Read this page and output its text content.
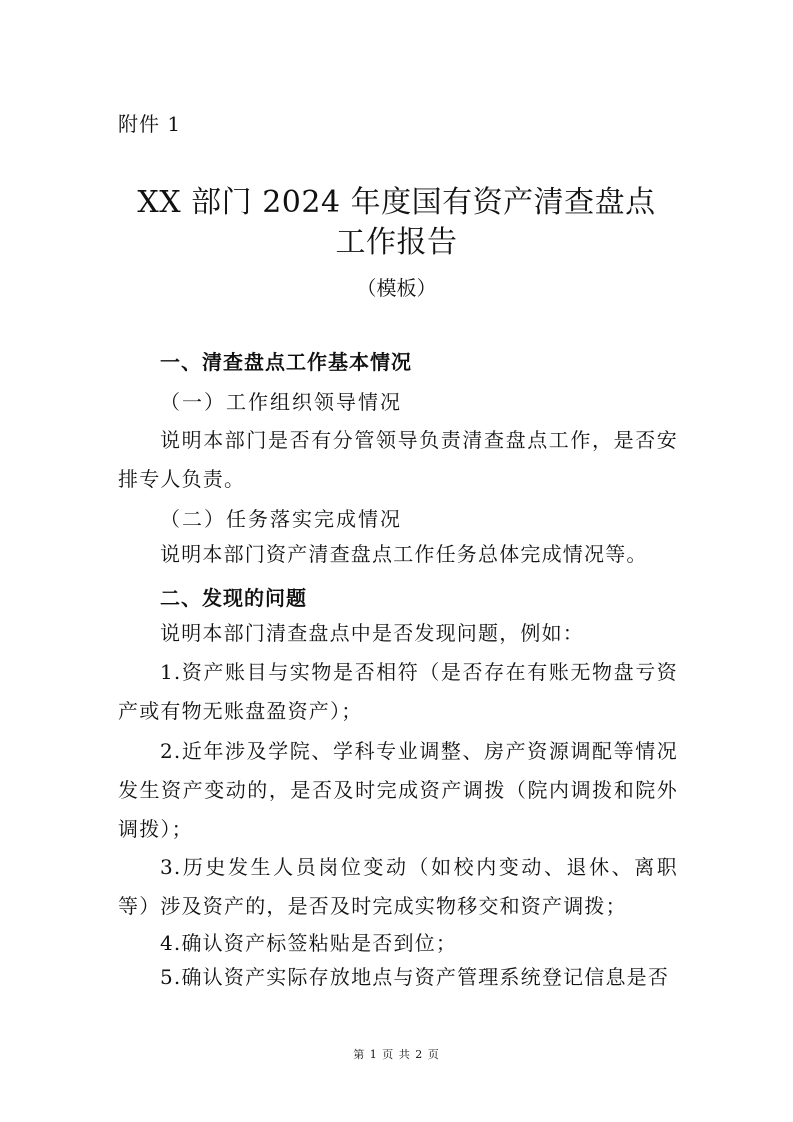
附件 1
XX 部门 2024 年度国有资产清查盘点
工作报告
（模板）
一、清查盘点工作基本情况
（一）工作组织领导情况
说明本部门是否有分管领导负责清查盘点工作，是否安排专人负责。
（二）任务落实完成情况
说明本部门资产清查盘点工作任务总体完成情况等。
二、发现的问题
说明本部门清查盘点中是否发现问题，例如：
1.资产账目与实物是否相符（是否存在有账无物盘亏资产或有物无账盘盈资产）；
2.近年涉及学院、学科专业调整、房产资源调配等情况发生资产变动的，是否及时完成资产调拨（院内调拨和院外调拨）；
3.历史发生人员岗位变动（如校内变动、退休、离职等）涉及资产的，是否及时完成实物移交和资产调拨；
4.确认资产标签粘贴是否到位；
5.确认资产实际存放地点与资产管理系统登记信息是否
第 1 页 共 2 页
